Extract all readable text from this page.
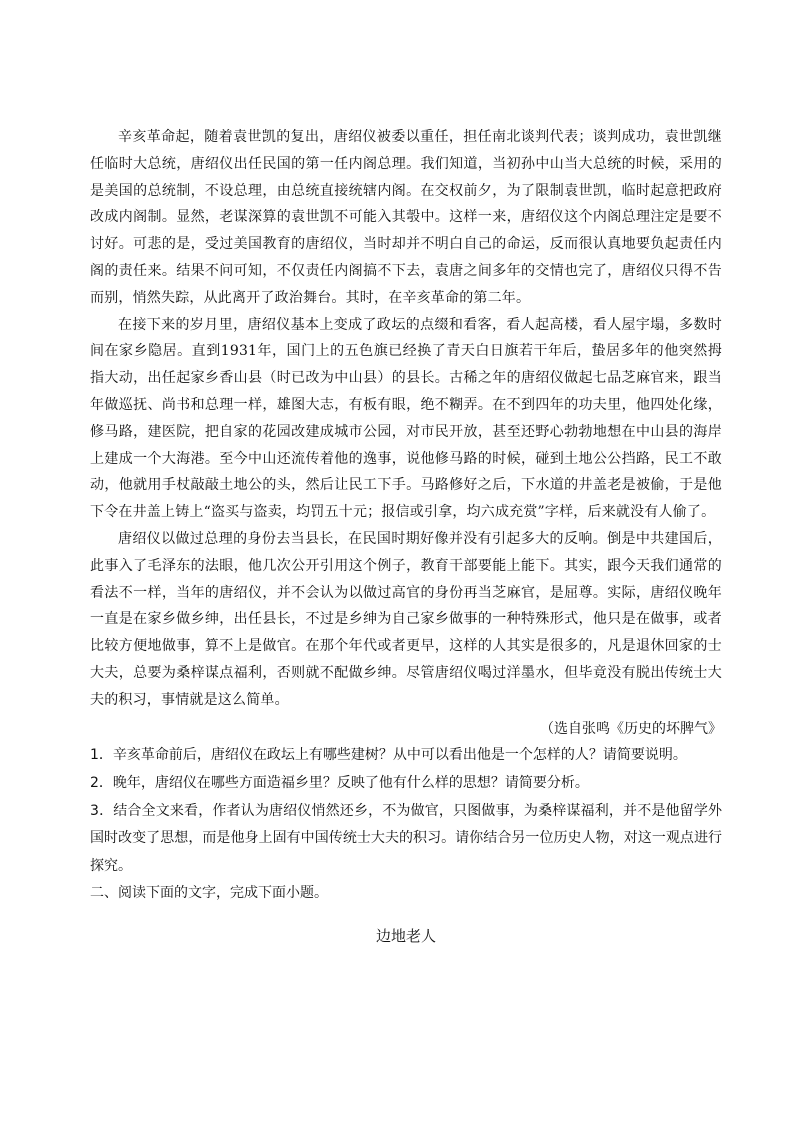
辛亥革命起，随着袁世凯的复出，唐绍仪被委以重任，担任南北谈判代表；谈判成功，袁世凯继任临时大总统，唐绍仪出任民国的第一任内阁总理。我们知道，当初孙中山当大总统的时候，采用的是美国的总统制，不设总理，由总统直接统辖内阁。在交权前夕，为了限制袁世凯，临时起意把政府改成内阁制。显然，老谋深算的袁世凯不可能入其彀中。这样一来，唐绍仪这个内阁总理注定是要不讨好。可悲的是，受过美国教育的唐绍仪，当时却并不明白自己的命运，反而很认真地要负起责任内阁的责任来。结果不问可知，不仅责任内阁搞不下去，袁唐之间多年的交情也完了，唐绍仪只得不告而别，悄然失踪，从此离开了政治舞台。其时，在辛亥革命的第二年。

在接下来的岁月里，唐绍仪基本上变成了政坛的点缀和看客，看人起高楼，看人屋宇塌，多数时间在家乡隐居。直到1931年，国门上的五色旗已经换了青天白日旗若干年后，蛰居多年的他突然拇指大动，出任起家乡香山县（时已改为中山县）的县长。古稀之年的唐绍仪做起七品芝麻官来，跟当年做巡抚、尚书和总理一样，雄图大志，有板有眼，绝不糊弄。在不到四年的功夫里，他四处化缘，修马路，建医院，把自家的花园改建成城市公园，对市民开放，甚至还野心勃勃地想在中山县的海岸上建成一个大海港。至今中山还流传着他的逸事，说他修马路的时候，碰到土地公公挡路，民工不敢动，他就用手杖敲敲土地公的头，然后让民工下手。马路修好之后，下水道的井盖老是被偷，于是他下令在井盖上铸上“盗买与盗卖，均罚五十元；报信或引拿，均六成充赏”字样，后来就没有人偷了。

唐绍仪以做过总理的身份去当县长，在民国时期好像并没有引起多大的反响。倒是中共建国后，此事入了毛泽东的法眼，他几次公开引用这个例子，教育干部要能上能下。其实，跟今天我们通常的看法不一样，当年的唐绍仪，并不会认为以做过高官的身份再当芝麻官，是屈尊。实际，唐绍仪晚年一直是在家乡做乡绅，出任县长，不过是乡绅为自己家乡做事的一种特殊形式，他只是在做事，或者比较方便地做事，算不上是做官。在那个年代或者更早，这样的人其实是很多的，凡是退休回家的士大夫，总要为桑梓谋点福利，否则就不配做乡绅。尽管唐绍仪喝过洋墨水，但毕竟没有脱出传统士大夫的积习，事情就是这么简单。

（选自张鸣《历史的坏脾气》

1．辛亥革命前后，唐绍仪在政坛上有哪些建树？从中可以看出他是一个怎样的人？请简要说明。

2．晚年，唐绍仪在哪些方面造福乡里？反映了他有什么样的思想？请简要分析。

3．结合全文来看，作者认为唐绍仪悄然还乡，不为做官，只图做事，为桑梓谋福利，并不是他留学外国时改变了思想，而是他身上固有中国传统士大夫的积习。请你结合另一位历史人物，对这一观点进行探究。

二、阅读下面的文字，完成下面小题。

边地老人
